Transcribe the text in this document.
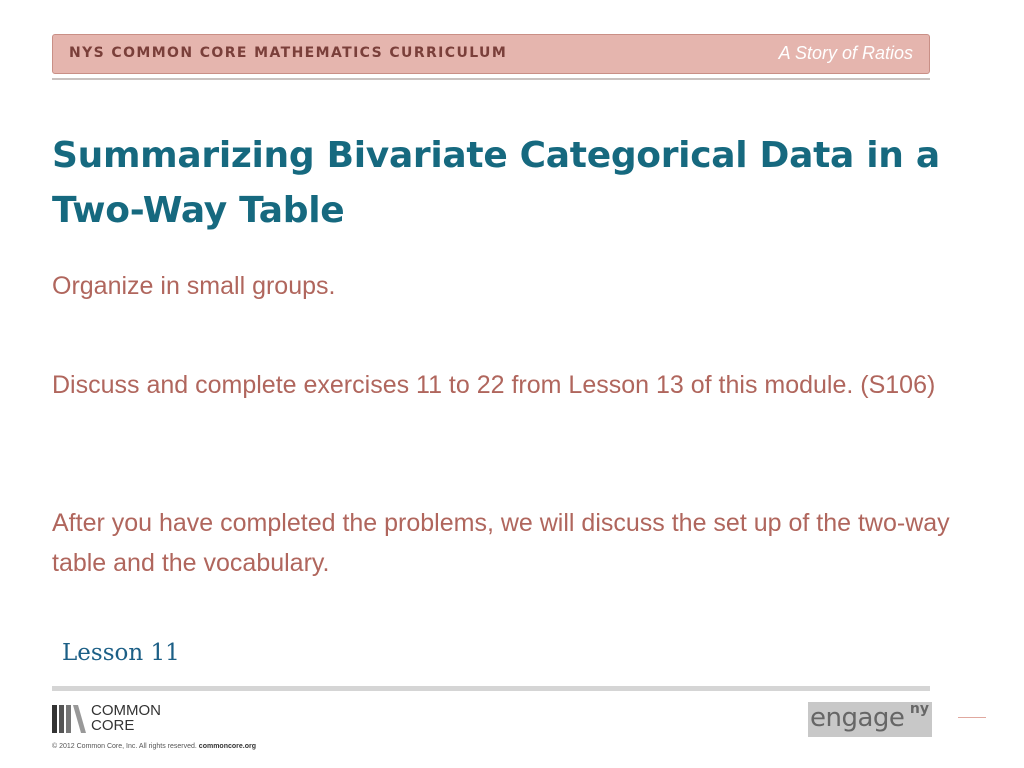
NYS COMMON CORE MATHEMATICS CURRICULUM	A Story of Ratios
Summarizing Bivariate Categorical Data in a Two-Way Table

Organize in small groups.

Discuss and complete exercises 11 to 22 from Lesson 13 of this module. (S106)

After you have completed the problems, we will discuss the set up of the two-way table and the vocabulary.

Lesson 11
COMMON
CORE
© 2012 Common Core, Inc. All rights reserved. commoncore.org
engage ny
